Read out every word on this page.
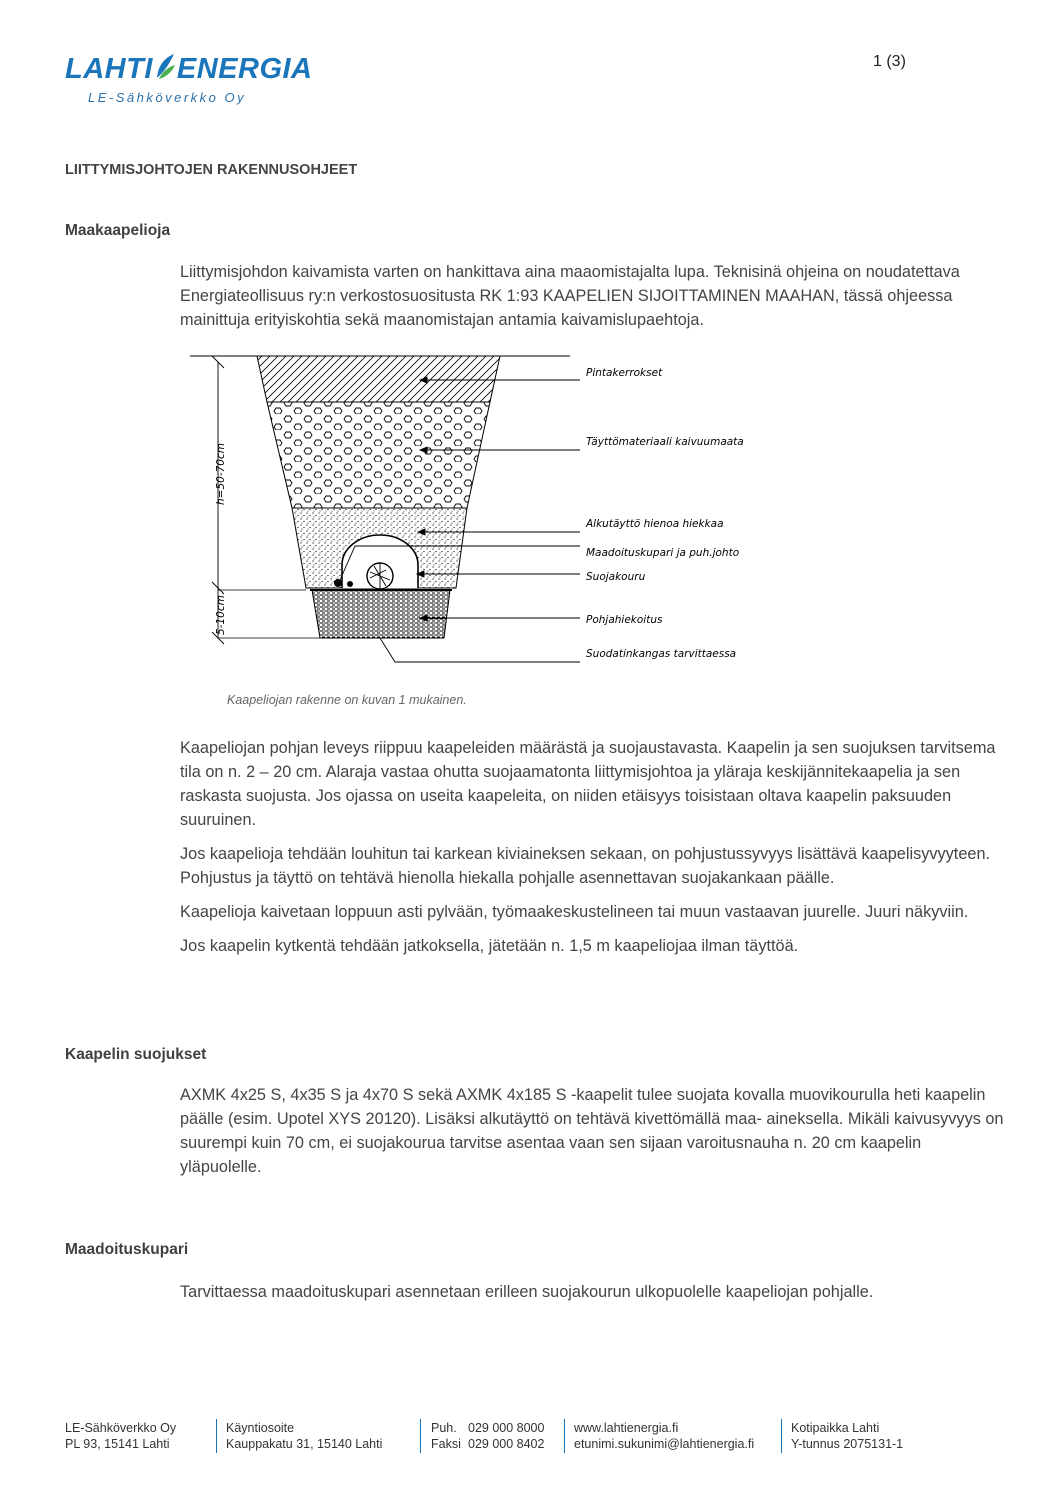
LAHTI ENERGIA
LE-Sähköverkko Oy
1 (3)
LIITTYMISJOHTOJEN RAKENNUSOHJEET
Maakaapelioja

Liittymisjohdon kaivamista varten on hankittava aina maaomistajalta lupa. Teknisinä ohjeina on noudatettava Energiateollisuus ry:n verkostosuositusta RK 1:93 KAAPELIEN SIJOITTAMINEN MAAHAN, tässä ohjeessa mainittuja erityiskohtia sekä maanomistajan antamia kaivamislupaehtoja.

h=50-70cm
5-10cm
Pintakerrokset
Täyttömateriaali kaivuumaata
Alkutäyttö hienoa hiekkaa
Maadoituskupari ja puh.johto
Suojakouru
Pohjahiekoitus
Suodatinkangas tarvittaessa
Kaapeliojan rakenne on kuvan 1 mukainen.

Kaapeliojan pohjan leveys riippuu kaapeleiden määrästä ja suojaustavasta. Kaapelin ja sen suojuksen tarvitsema tila on n. 2 – 20 cm. Alaraja vastaa ohutta suojaamatonta liittymisjohtoa ja yläraja keskijännitekaapelia ja sen raskasta suojusta. Jos ojassa on useita kaapeleita, on niiden etäisyys toisistaan oltava kaapelin paksuuden suuruinen.

Jos kaapelioja tehdään louhitun tai karkean kiviaineksen sekaan, on pohjustussyvyys lisättävä kaapelisyvyyteen. Pohjustus ja täyttö on tehtävä hienolla hiekalla pohjalle asennettavan suojakankaan päälle.

Kaapelioja kaivetaan loppuun asti pylvään, työmaakeskustelineen tai muun vastaavan juurelle. Juuri näkyviin.

Jos kaapelin kytkentä tehdään jatkoksella, jätetään n. 1,5 m kaapeliojaa ilman täyttöä.

Kaapelin suojukset

AXMK 4x25 S, 4x35 S ja 4x70 S sekä AXMK 4x185 S -kaapelit tulee suojata kovalla muovikourulla heti kaapelin päälle (esim. Upotel XYS 20120). Lisäksi alkutäyttö on tehtävä kivettömällä maa- aineksella. Mikäli kaivusyvyys on suurempi kuin 70 cm, ei suojakourua tarvitse asentaa vaan sen sijaan varoitusnauha n. 20 cm kaapelin yläpuolelle.

Maadoituskupari

Tarvittaessa maadoituskupari asennetaan erilleen suojakourun ulkopuolelle kaapeliojan pohjalle.

LE-Sähköverkko Oy
PL 93, 15141 Lahti
Käyntiosoite
Kauppakatu 31, 15140 Lahti
Puh.
Faksi
029 000 8000
029 000 8402
www.lahtienergia.fi
etunimi.sukunimi@lahtienergia.fi
Kotipaikka Lahti
Y-tunnus 2075131-1
